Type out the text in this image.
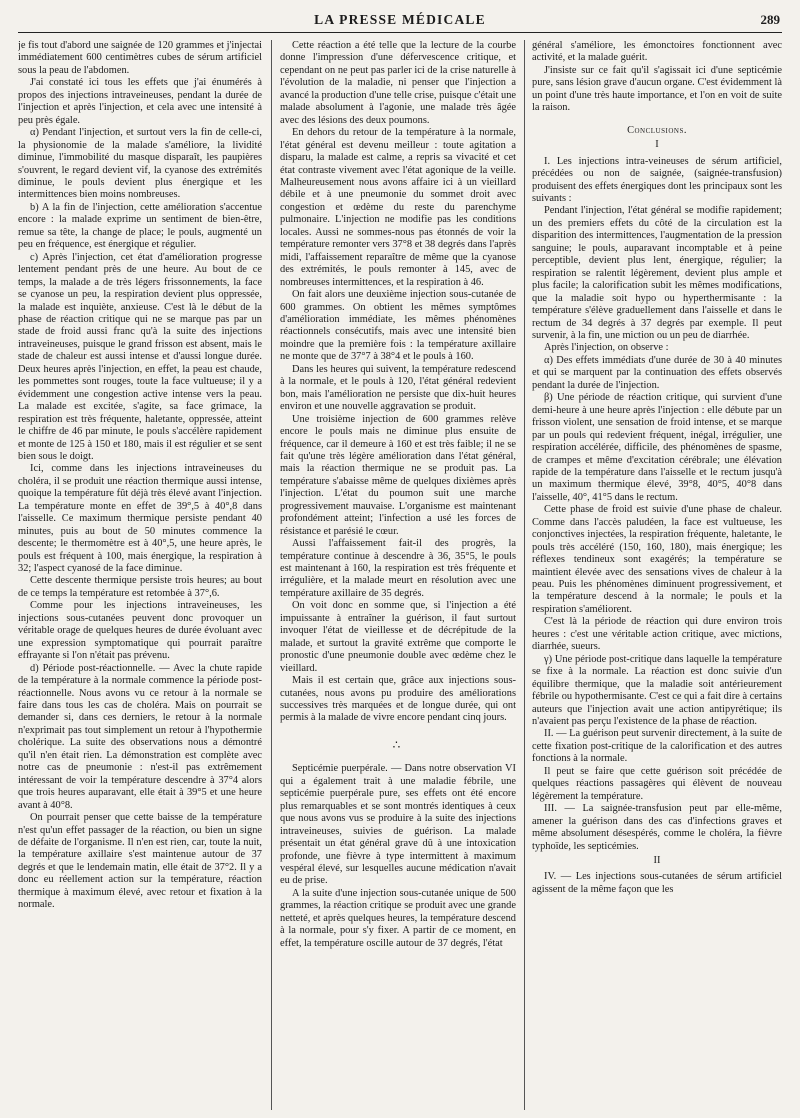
LA PRESSE MÉDICALE	289

je fis tout d'abord une saignée de 120 grammes et j'injectai immédiatement 600 centimètres cubes de sérum artificiel sous la peau de l'abdomen.

J'ai constaté ici tous les effets que j'ai énumérés à propos des injections intraveineuses, pendant la durée de l'injection et après l'injection, et cela avec une intensité à peu près égale.

α) Pendant l'injection, et surtout vers la fin de celle-ci, la physionomie de la malade s'améliore, la lividité diminue, l'immobilité du masque disparaît, les paupières s'ouvrent, le regard devient vif, la cyanose des extrémités diminue, le pouls devient plus énergique et les intermittences bien moins nombreuses.

b) A la fin de l'injection, cette amélioration s'accentue encore : la malade exprime un sentiment de bien-être, remue sa tête, la change de place; le pouls, augmenté un peu en fréquence, est énergique et régulier.

c) Après l'injection, cet état d'amélioration progresse lentement pendant près de une heure. Au bout de ce temps, la malade a de très légers frissonnements, la face se cyanose un peu, la respiration devient plus oppressée, la malade est inquiète, anxieuse. C'est là le début de la phase de réaction critique qui ne se marque pas par un stade de froid aussi franc qu'à la suite des injections intraveineuses, puisque le grand frisson est absent, mais le stade de chaleur est aussi intense et d'aussi longue durée. Deux heures après l'injection, en effet, la peau est chaude, les pommettes sont rouges, toute la face vultueuse; il y a évidemment une congestion active intense vers la peau. La malade est excitée, s'agite, sa face grimace, la respiration est très fréquente, haletante, oppressée, atteint le chiffre de 46 par minute, le pouls s'accélère rapidement et monte de 125 à 150 et 180, mais il est régulier et se sent bien sous le doigt.

Ici, comme dans les injections intraveineuses du choléra, il se produit une réaction thermique aussi intense, quoique la température fût déjà très élevé avant l'injection. La température monte en effet de 39°,5 à 40°,8 dans l'aisselle. Ce maximum thermique persiste pendant 40 minutes, puis au bout de 50 minutes commence la descente; le thermomètre est à 40°,5, une heure après, le pouls est fréquent à 100, mais énergique, la respiration à 32; l'aspect cyanosé de la face diminue.

Cette descente thermique persiste trois heures; au bout de ce temps la température est retombée à 37°,6.

Comme pour les injections intraveineuses, les injections sous-cutanées peuvent donc provoquer un véritable orage de quelques heures de durée évoluant avec une expression symptomatique qui pourrait paraître effrayante si l'on n'était pas prévenu.

d) Période post-réactionnelle. — Avec la chute rapide de la température à la normale commence la période post-réactionnelle. Nous avons vu ce retour à la normale se faire dans tous les cas de choléra. Mais on pourrait se demander si, dans ces derniers, le retour à la normale n'exprimait pas tout simplement un retour à l'hypothermie cholérique. La suite des observations nous a démontré qu'il n'en était rien. La démonstration est complète avec notre cas de pneumonie : n'est-il pas extrêmement intéressant de voir la température descendre à 37°4 alors que trois heures auparavant, elle était à 39°5 et une heure avant à 40°8.

On pourrait penser que cette baisse de la température n'est qu'un effet passager de la réaction, ou bien un signe de défaite de l'organisme. Il n'en est rien, car, toute la nuit, la température axillaire s'est maintenue autour de 37 degrés et que le lendemain matin, elle était de 37°2. Il y a donc eu réellement action sur la température, réaction thermique à maximum élevé, avec retour et fixation à la normale.

Cette réaction a été telle que la lecture de la courbe donne l'impression d'une défervescence critique, et cependant on ne peut pas parler ici de la crise naturelle à l'évolution de la maladie, ni penser que l'injection a avancé la production d'une telle crise, puisque c'était une malade absolument à l'agonie, une malade très âgée avec des lésions des deux poumons.

En dehors du retour de la température à la normale, l'état général est devenu meilleur : toute agitation a disparu, la malade est calme, a repris sa vivacité et cet état contraste vivement avec l'état agonique de la veille. Malheureusement nous avons affaire ici à un vieillard débile et à une pneumonie du sommet droit avec congestion et œdème du reste du parenchyme pulmonaire. L'injection ne modifie pas les conditions locales. Aussi ne sommes-nous pas étonnés de voir la température remonter vers 37°8 et 38 degrés dans l'après midi, l'affaissement reparaître de même que la cyanose des extrémités, le pouls remonter à 145, avec de nombreuses intermittences, et la respiration à 46.

On fait alors une deuxième injection sous-cutanée de 600 grammes. On obtient les mêmes symptômes d'amélioration immédiate, les mêmes phénomènes réactionnels consécutifs, mais avec une intensité bien moindre que la première fois : la température axillaire ne monte que de 37°7 à 38°4 et le pouls à 160.

Dans les heures qui suivent, la température redescend à la normale, et le pouls à 120, l'état général redevient bon, mais l'amélioration ne persiste que dix-huit heures environ et une nouvelle aggravation se produit.

Une troisième injection de 600 grammes relève encore le pouls mais ne diminue plus ensuite de fréquence, car il demeure à 160 et est très faible; il ne se fait qu'une très légère amélioration dans l'état général, mais la réaction thermique ne se produit pas. La température s'abaisse même de quelques dixièmes après l'injection. L'état du poumon suit une marche progressivement mauvaise. L'organisme est maintenant profondément atteint; l'infection a usé les forces de résistance et parésié le cœur.

Aussi l'affaissement fait-il des progrès, la température continue à descendre à 36, 35°5, le pouls est maintenant à 160, la respiration est très fréquente et irrégulière, et la malade meurt en résolution avec une température axillaire de 35 degrés.

On voit donc en somme que, si l'injection a été impuissante à entraîner la guérison, il faut surtout invoquer l'état de vieillesse et de décrépitude de la malade, et surtout la gravité extrême que comporte le pronostic d'une pneumonie double avec œdème chez le vieillard.

Mais il est certain que, grâce aux injections sous-cutanées, nous avons pu produire des améliorations successives très marquées et de longue durée, qui ont permis à la malade de vivre encore pendant cinq jours.

∴

Septicémie puerpérale. — Dans notre observation VI qui a également trait à une maladie fébrile, une septicémie puerpérale pure, ses effets ont été encore plus remarquables et se sont montrés identiques à ceux que nous avons vus se produire à la suite des injections intraveineuses, suivies de guérison. La malade présentait un état général grave dû à une intoxication profonde, une fièvre à type intermittent à maximum vespéral élevé, sur lesquelles aucune médication n'avait eu de prise.

A la suite d'une injection sous-cutanée unique de 500 grammes, la réaction critique se produit avec une grande netteté, et après quelques heures, la température descend à la normale, pour s'y fixer. A partir de ce moment, en effet, la température oscille autour de 37 degrés, l'état

général s'améliore, les émonctoires fonctionnent avec activité, et la malade guérit.

J'insiste sur ce fait qu'il s'agissait ici d'une septicémie pure, sans lésion grave d'aucun organe. C'est évidemment là un point d'une très haute importance, et l'on en voit de suite la raison.

Conclusions.
I

I. Les injections intra-veineuses de sérum artificiel, précédées ou non de saignée, (saignée-transfusion) produisent des effets énergiques dont les principaux sont les suivants :

Pendant l'injection, l'état général se modifie rapidement; un des premiers effets du côté de la circulation est la disparition des intermittences, l'augmentation de la pression sanguine; le pouls, auparavant incomptable et à peine perceptible, devient plus lent, énergique, régulier; la respiration se ralentit légèrement, devient plus ample et plus facile; la calorification subit les mêmes modifications, que la maladie soit hypo ou hyperthermisante : la température s'élève graduellement dans l'aisselle et dans le rectum de 34 degrés à 37 degrés par exemple. Il peut survenir, à la fin, une miction ou un peu de diarrhée.

Après l'injection, on observe :

α) Des effets immédiats d'une durée de 30 à 40 minutes et qui se marquent par la continuation des effets observés pendant la durée de l'injection.

β) Une période de réaction critique, qui survient d'une demi-heure à une heure après l'injection : elle débute par un frisson violent, une sensation de froid intense, et se marque par un pouls qui redevient fréquent, inégal, irrégulier, une respiration accélérée, difficile, des phénomènes de spasme, de crampes et même d'excitation cérébrale; une élévation rapide de la température dans l'aisselle et le rectum jusqu'à un maximum thermique élevé, 39°8, 40°5, 40°8 dans l'aisselle, 40°, 41°5 dans le rectum.

Cette phase de froid est suivie d'une phase de chaleur. Comme dans l'accès paludéen, la face est vultueuse, les conjonctives injectées, la respiration fréquente, haletante, le pouls très accéléré (150, 160, 180), mais énergique; les réflexes tendineux sont exagérés; la température se maintient élevée avec des sensations vives de chaleur à la peau. Puis les phénomènes diminuent progressivement, et la température descend à la normale; le pouls et la respiration s'améliorent.

C'est là la période de réaction qui dure environ trois heures : c'est une véritable action critique, avec mictions, diarrhée, sueurs.

γ) Une période post-critique dans laquelle la température se fixe à la normale. La réaction est donc suivie d'un équilibre thermique, que la maladie soit antérieurement fébrile ou hypothermisante. C'est ce qui a fait dire à certains auteurs que l'injection avait une action antipyrétique; ils n'avaient pas perçu l'existence de la phase de réaction.

II. — La guérison peut survenir directement, à la suite de cette fixation post-critique de la calorification et des autres fonctions à la normale.

Il peut se faire que cette guérison soit précédée de quelques réactions passagères qui élèvent de nouveau légèrement la température.

III. — La saignée-transfusion peut par elle-même, amener la guérison dans des cas d'infections graves et même absolument désespérés, comme le choléra, la fièvre typhoïde, les septicémies.

II

IV. — Les injections sous-cutanées de sérum artificiel agissent de la même façon que les
